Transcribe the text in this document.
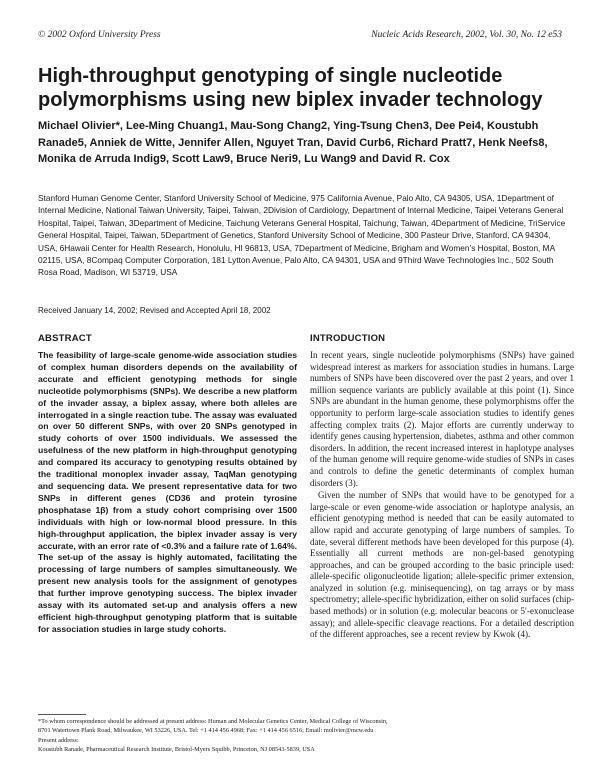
© 2002 Oxford University Press	Nucleic Acids Research, 2002, Vol. 30, No. 12 e53
High-throughput genotyping of single nucleotide polymorphisms using new biplex invader technology
Michael Olivier*, Lee-Ming Chuang1, Mau-Song Chang2, Ying-Tsung Chen3, Dee Pei4, Koustubh Ranade5, Anniek de Witte, Jennifer Allen, Nguyet Tran, David Curb6, Richard Pratt7, Henk Neefs8, Monika de Arruda Indig9, Scott Law9, Bruce Neri9, Lu Wang9 and David R. Cox
Stanford Human Genome Center, Stanford University School of Medicine, 975 California Avenue, Palo Alto, CA 94305, USA, 1Department of Internal Medicine, National Taiwan University, Taipei, Taiwan, 2Division of Cardiology, Department of Internal Medicine, Taipei Veterans General Hospital, Taipei, Taiwan, 3Department of Medicine, Taichung Veterans General Hospital, Taichung, Taiwan, 4Department of Medicine, TriService General Hospital, Taipei, Taiwan, 5Department of Genetics, Stanford University School of Medicine, 300 Pasteur Drive, Stanford, CA 94304, USA, 6Hawaii Center for Health Research, Honolulu, HI 96813, USA, 7Department of Medicine, Brigham and Women’s Hospital, Boston, MA 02115, USA, 8Compaq Computer Corporation, 181 Lytton Avenue, Palo Alto, CA 94301, USA and 9Third Wave Technologies Inc., 502 South Rosa Road, Madison, WI 53719, USA
Received January 14, 2002; Revised and Accepted April 18, 2002
ABSTRACT
The feasibility of large-scale genome-wide association studies of complex human disorders depends on the availability of accurate and efficient genotyping methods for single nucleotide polymorphisms (SNPs). We describe a new platform of the invader assay, a biplex assay, where both alleles are interrogated in a single reaction tube. The assay was evaluated on over 50 different SNPs, with over 20 SNPs genotyped in study cohorts of over 1500 individuals. We assessed the usefulness of the new platform in high-throughput genotyping and compared its accuracy to genotyping results obtained by the traditional monoplex invader assay, TaqMan genotyping and sequencing data. We present representative data for two SNPs in different genes (CD36 and protein tyrosine phosphatase 1β) from a study cohort comprising over 1500 individuals with high or low-normal blood pressure. In this high-throughput application, the biplex invader assay is very accurate, with an error rate of <0.3% and a failure rate of 1.64%. The set-up of the assay is highly automated, facilitating the processing of large numbers of samples simultaneously. We present new analysis tools for the assignment of genotypes that further improve genotyping success. The biplex invader assay with its automated set-up and analysis offers a new efficient high-throughput genotyping platform that is suitable for association studies in large study cohorts.
INTRODUCTION

In recent years, single nucleotide polymorphisms (SNPs) have gained widespread interest as markers for association studies in humans. Large numbers of SNPs have been discovered over the past 2 years, and over 1 million sequence variants are publicly available at this point (1). Since SNPs are abundant in the human genome, these polymorphisms offer the opportunity to perform large-scale association studies to identify genes affecting complex traits (2). Major efforts are currently underway to identify genes causing hypertension, diabetes, asthma and other common disorders. In addition, the recent increased interest in haplotype analyses of the human genome will require genome-wide studies of SNPs in cases and controls to define the genetic determinants of complex human disorders (3).

Given the number of SNPs that would have to be genotyped for a large-scale or even genome-wide association or haplotype analysis, an efficient genotyping method is needed that can be easily automated to allow rapid and accurate genotyping of large numbers of samples. To date, several different methods have been developed for this purpose (4). Essentially all current methods are non-gel-based genotyping approaches, and can be grouped according to the basic principle used: allele-specific oligonucleotide ligation; allele-specific primer extension, analyzed in solution (e.g. minisequencing), on tag arrays or by mass spectrometry; allele-specific hybridization, either on solid surfaces (chip-based methods) or in solution (e.g. molecular beacons or 5′-exonuclease assay); and allele-specific cleavage reactions. For a detailed description of the different approaches, see a recent review by Kwok (4).

*To whom correspondence should be addressed at present address: Human and Molecular Genetics Center, Medical College of Wisconsin,
8701 Watertown Plank Road, Milwaukee, WI 53226, USA. Tel: +1 414 456 4968; Fax: +1 414 456 6516; Email: molivier@mcw.edu
Present address:
Koustubh Ranade, Pharmaceutical Research Institute, Bristol-Myers Squibb, Princeton, NJ 08543-5839, USA
